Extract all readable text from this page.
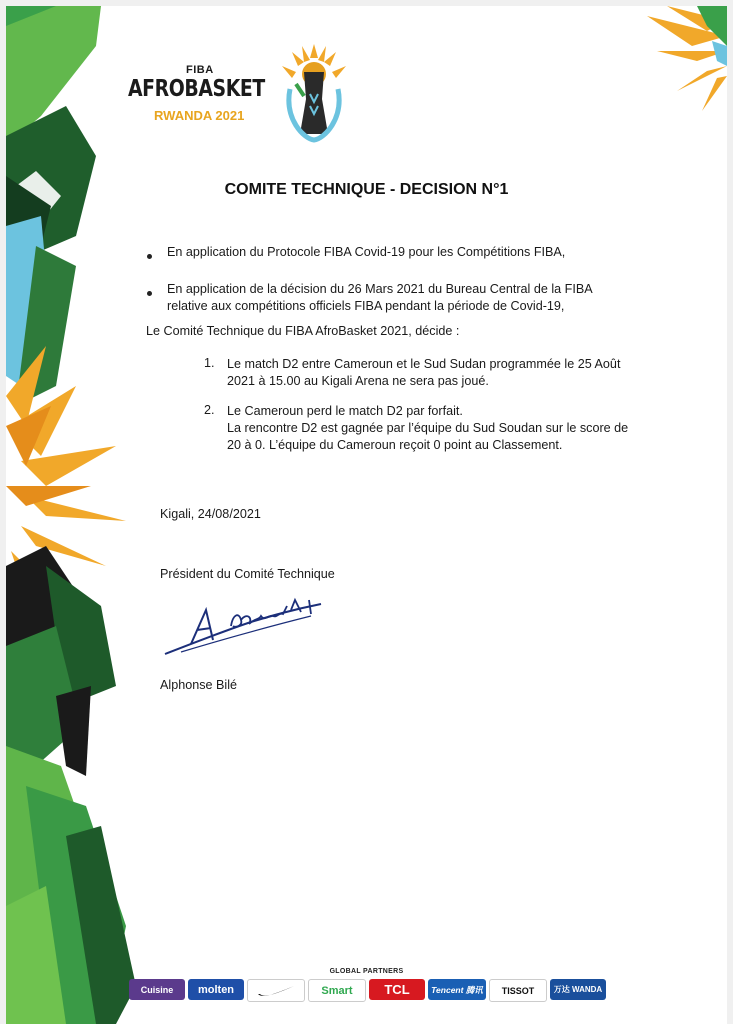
FIBA
AFROBASKET
RWANDA 2021
COMITE TECHNIQUE - DECISION N°1
En application du Protocole FIBA Covid-19 pour les Compétitions FIBA,
En application de la décision du 26 Mars 2021 du Bureau Central de la FIBA
relative aux compétitions officiels FIBA pendant la période de Covid-19,
Le Comité Technique du FIBA AfroBasket 2021, décide :
1. Le match D2 entre Cameroun et le Sud Sudan programmée le 25 Août
2021 à 15.00 au Kigali Arena ne sera pas joué.
2. Le Cameroun perd le match D2 par forfait.
La rencontre D2 est gagnée par l’équipe du Sud Soudan sur le score de
20 à 0. L’équipe du Cameroun reçoit 0 point au Classement.
Kigali, 24/08/2021
Président du Comité Technique
Alphonse Bilé
GLOBAL PARTNERS
Cuisine molten	Smart TCL	Tencent 腾讯 TISSOT 万达 WANDA
